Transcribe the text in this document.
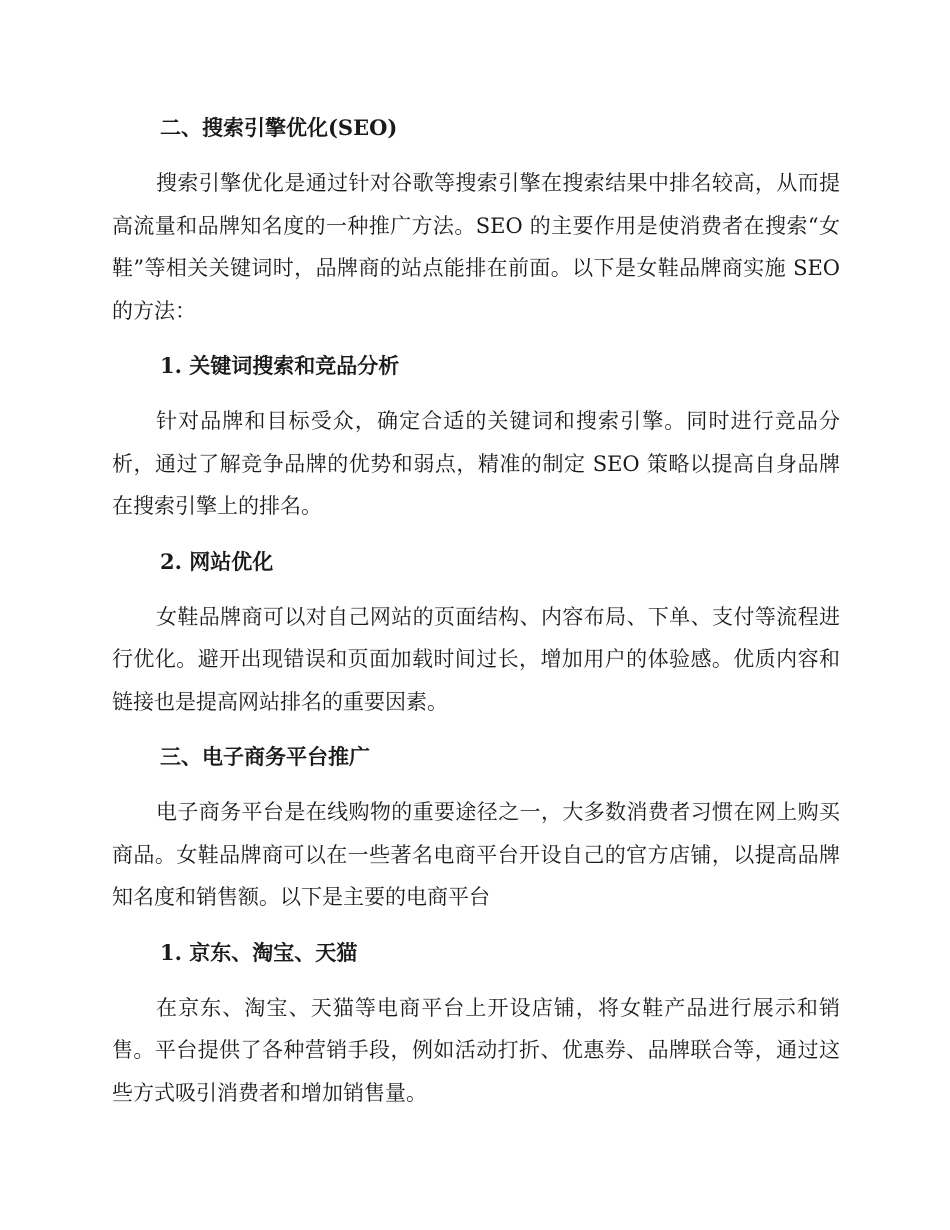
二、搜索引擎优化(SEO)

搜索引擎优化是通过针对谷歌等搜索引擎在搜索结果中排名较高，从而提高流量和品牌知名度的一种推广方法。SEO 的主要作用是使消费者在搜索“女鞋”等相关关键词时，品牌商的站点能排在前面。以下是女鞋品牌商实施 SEO 的方法：

1. 关键词搜索和竞品分析

针对品牌和目标受众，确定合适的关键词和搜索引擎。同时进行竞品分析，通过了解竞争品牌的优势和弱点，精准的制定 SEO 策略以提高自身品牌在搜索引擎上的排名。

2. 网站优化

女鞋品牌商可以对自己网站的页面结构、内容布局、下单、支付等流程进行优化。避开出现错误和页面加载时间过长，增加用户的体验感。优质内容和链接也是提高网站排名的重要因素。

三、电子商务平台推广

电子商务平台是在线购物的重要途径之一，大多数消费者习惯在网上购买商品。女鞋品牌商可以在一些著名电商平台开设自己的官方店铺，以提高品牌知名度和销售额。以下是主要的电商平台

1. 京东、淘宝、天猫

在京东、淘宝、天猫等电商平台上开设店铺，将女鞋产品进行展示和销售。平台提供了各种营销手段，例如活动打折、优惠券、品牌联合等，通过这些方式吸引消费者和增加销售量。
